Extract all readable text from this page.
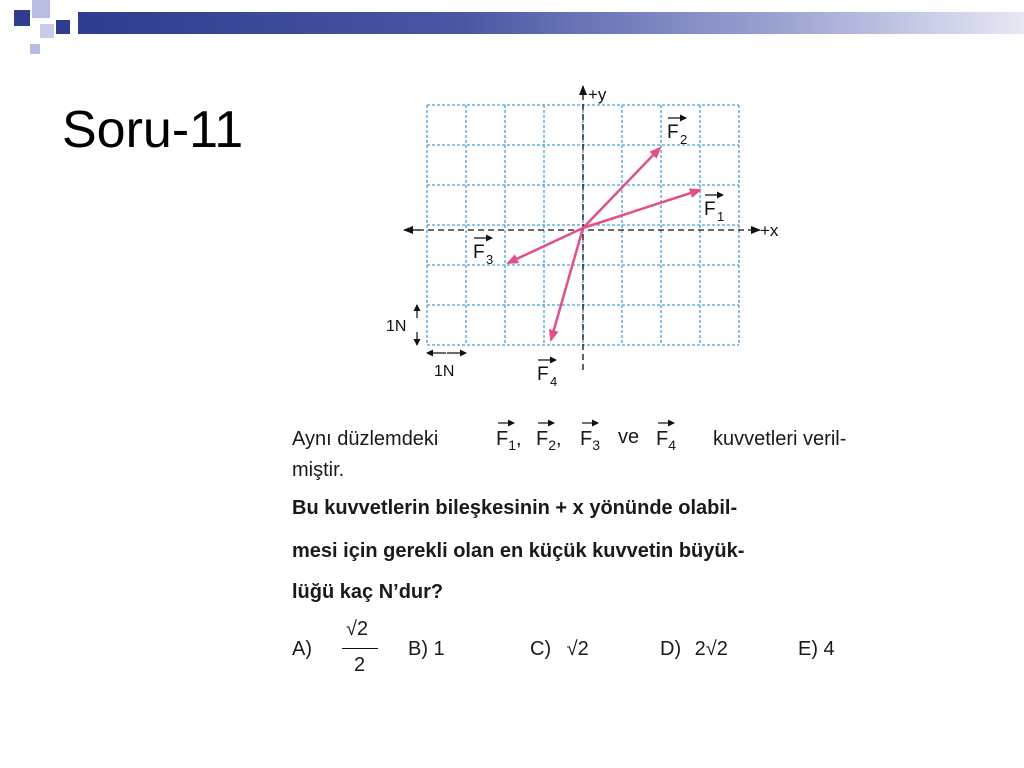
Soru-11
+x
+y
F 2
F 1
F 3
F 4
1N
1N
Aynı düzlemdeki	$F_1$, $F_2$, $F_3$ ve $F_4$ kuvvetleri veril-
miştir.
Bu kuvvetlerin bileşkesinin + x yönünde olabil-
mesi için gerekli olan en küçük kuvvetin büyük-
lüğü kaç N’dur?
A)
√2
2
B) 1	C) √2	D) 2√2	E) 4
